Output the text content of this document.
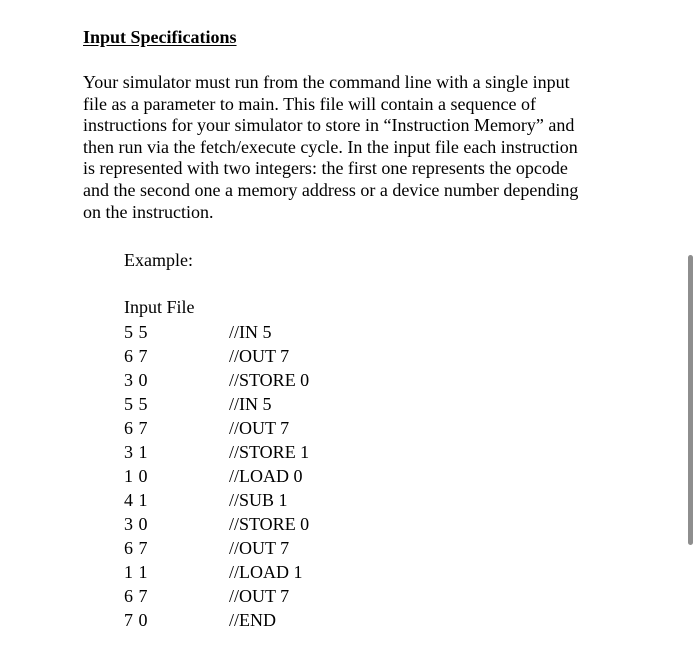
Input Specifications

Your simulator must run from the command line with a single input
file as a parameter to main. This file will contain a sequence of
instructions for your simulator to store in “Instruction Memory” and
then run via the fetch/execute cycle. In the input file each instruction
is represented with two integers: the first one represents the opcode
and the second one a memory address or a device number depending
on the instruction.

Example:
Input File
5 5	//IN 5
6 7	//OUT 7
3 0	//STORE 0
5 5	//IN 5
6 7	//OUT 7
3 1	//STORE 1
1 0	//LOAD 0
4 1	//SUB 1
3 0	//STORE 0
6 7	//OUT 7
1 1	//LOAD 1
6 7	//OUT 7
7 0	//END
